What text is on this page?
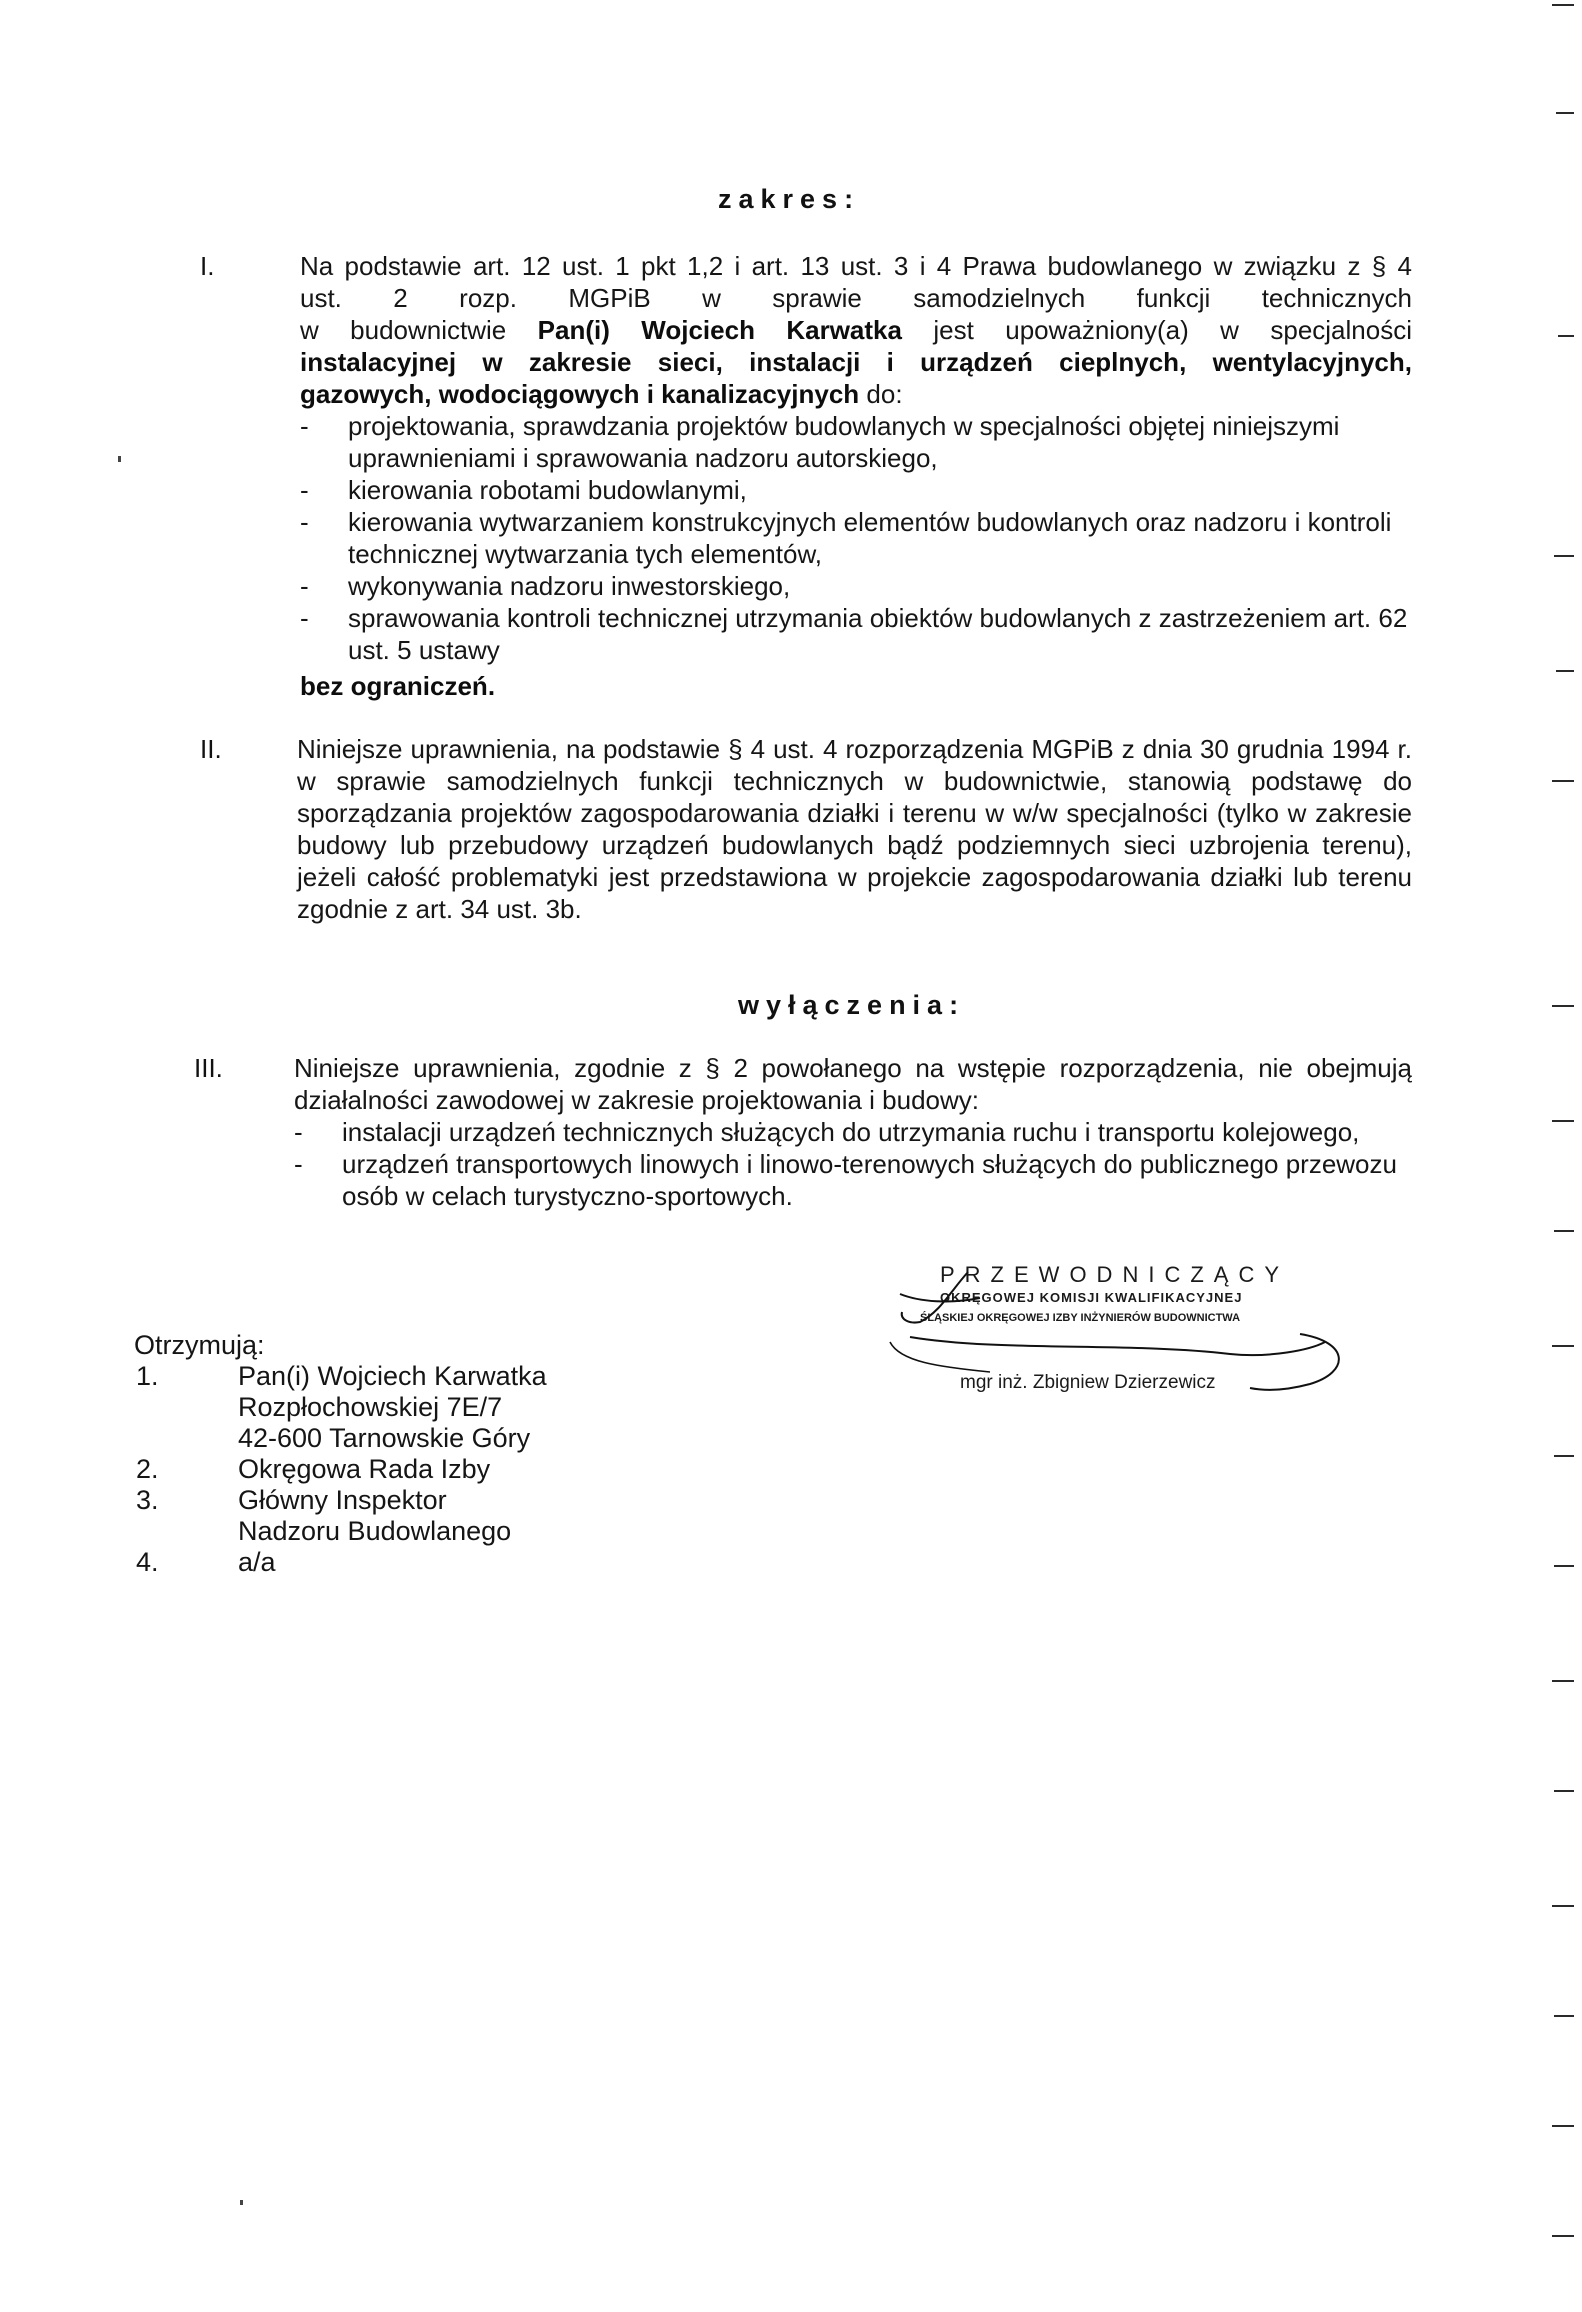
zakres:
I.	Na podstawie art. 12 ust. 1 pkt 1,2 i art. 13 ust. 3 i 4 Prawa budowlanego w związku z § 4
ust. 2 rozp. MGPiB w sprawie samodzielnych funkcji technicznych
w budownictwie Pan(i) Wojciech Karwatka jest upoważniony(a) w specjalności
instalacyjnej w zakresie sieci, instalacji i urządzeń cieplnych, wentylacyjnych,
gazowych, wodociągowych i kanalizacyjnych do:
- projektowania, sprawdzania projektów budowlanych w specjalności objętej niniejszymi uprawnieniami i sprawowania nadzoru autorskiego,
- kierowania robotami budowlanymi,
- kierowania wytwarzaniem konstrukcyjnych elementów budowlanych oraz nadzoru i kontroli technicznej wytwarzania tych elementów,
- wykonywania nadzoru inwestorskiego,
- sprawowania kontroli technicznej utrzymania obiektów budowlanych z zastrzeżeniem art. 62 ust. 5 ustawy
bez ograniczeń.
II.	Niniejsze uprawnienia, na podstawie § 4 ust. 4 rozporządzenia MGPiB z dnia 30 grudnia 1994 r. w sprawie samodzielnych funkcji technicznych w budownictwie, stanowią podstawę do sporządzania projektów zagospodarowania działki i terenu w w/w specjalności (tylko w zakresie budowy lub przebudowy urządzeń budowlanych bądź podziemnych sieci uzbrojenia terenu), jeżeli całość problematyki jest przedstawiona w projekcie zagospodarowania działki lub terenu zgodnie z art. 34 ust. 3b.
wyłączenia:
III.	Niniejsze uprawnienia, zgodnie z § 2 powołanego na wstępie rozporządzenia, nie obejmują działalności zawodowej w zakresie projektowania i budowy:
- instalacji urządzeń technicznych służących do utrzymania ruchu i transportu kolejowego,
- urządzeń transportowych linowych i linowo-terenowych służących do publicznego przewozu osób w celach turystyczno-sportowych.
PRZEWODNICZĄCY
OKRĘGOWEJ KOMISJI KWALIFIKACYJNEJ
ŚLĄSKIEJ OKRĘGOWEJ IZBY INŻYNIERÓW BUDOWNICTWA
mgr inż. Zbigniew Dzierzewicz
Otrzymują:
1.	Pan(i) Wojciech Karwatka
Rozpłochowskiej 7E/7
42-600 Tarnowskie Góry
2.	Okręgowa Rada Izby
3.	Główny Inspektor
Nadzoru Budowlanego
4.	a/a
